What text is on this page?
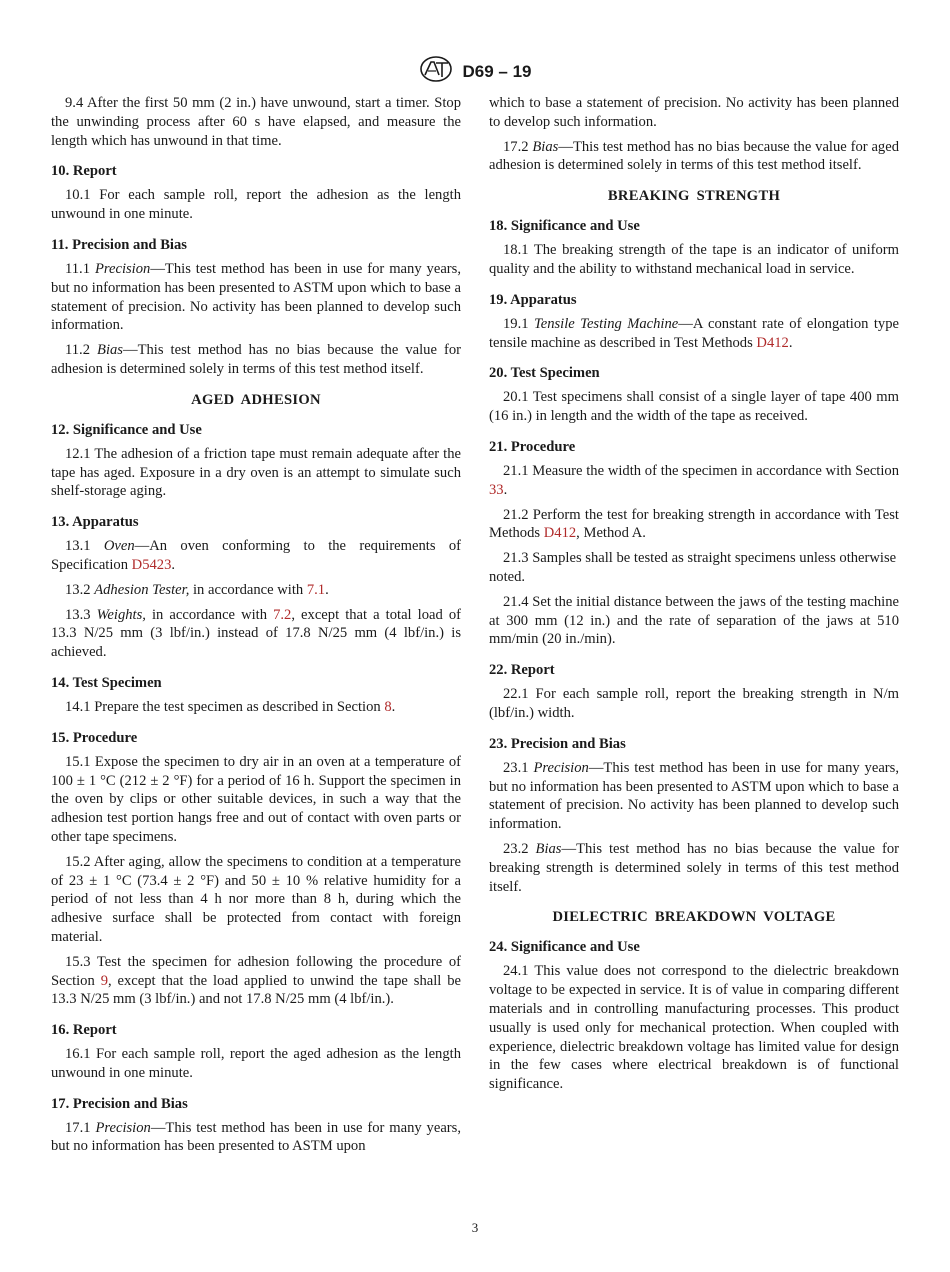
D69 – 19

9.4 After the first 50 mm (2 in.) have unwound, start a timer. Stop the unwinding process after 60 s have elapsed, and measure the length which has unwound in that time.

10. Report

10.1 For each sample roll, report the adhesion as the length unwound in one minute.

11. Precision and Bias

11.1 Precision—This test method has been in use for many years, but no information has been presented to ASTM upon which to base a statement of precision. No activity has been planned to develop such information.

11.2 Bias—This test method has no bias because the value for adhesion is determined solely in terms of this test method itself.

AGED ADHESION
12. Significance and Use

12.1 The adhesion of a friction tape must remain adequate after the tape has aged. Exposure in a dry oven is an attempt to simulate such shelf-storage aging.

13. Apparatus

13.1 Oven—An oven conforming to the requirements of Specification D5423.

13.2 Adhesion Tester, in accordance with 7.1.

13.3 Weights, in accordance with 7.2, except that a total load of 13.3 N/25 mm (3 lbf/in.) instead of 17.8 N/25 mm (4 lbf/in.) is achieved.

14. Test Specimen

14.1 Prepare the test specimen as described in Section 8.

15. Procedure

15.1 Expose the specimen to dry air in an oven at a temperature of 100 ± 1 °C (212 ± 2 °F) for a period of 16 h. Support the specimen in the oven by clips or other suitable devices, in such a way that the adhesion test portion hangs free and out of contact with oven parts or other tape specimens.

15.2 After aging, allow the specimens to condition at a temperature of 23 ± 1 °C (73.4 ± 2 °F) and 50 ± 10 % relative humidity for a period of not less than 4 h nor more than 8 h, during which the adhesive surface shall be protected from contact with foreign material.

15.3 Test the specimen for adhesion following the procedure of Section 9, except that the load applied to unwind the tape shall be 13.3 N/25 mm (3 lbf/in.) and not 17.8 N/25 mm (4 lbf/in.).

16. Report

16.1 For each sample roll, report the aged adhesion as the length unwound in one minute.

17. Precision and Bias

17.1 Precision—This test method has been in use for many years, but no information has been presented to ASTM upon

which to base a statement of precision. No activity has been planned to develop such information.

17.2 Bias—This test method has no bias because the value for aged adhesion is determined solely in terms of this test method itself.

BREAKING STRENGTH
18. Significance and Use

18.1 The breaking strength of the tape is an indicator of uniform quality and the ability to withstand mechanical load in service.

19. Apparatus

19.1 Tensile Testing Machine—A constant rate of elongation type tensile machine as described in Test Methods D412.

20. Test Specimen

20.1 Test specimens shall consist of a single layer of tape 400 mm (16 in.) in length and the width of the tape as received.

21. Procedure

21.1 Measure the width of the specimen in accordance with Section 33.

21.2 Perform the test for breaking strength in accordance with Test Methods D412, Method A.

21.3 Samples shall be tested as straight specimens unless otherwise noted.

21.4 Set the initial distance between the jaws of the testing machine at 300 mm (12 in.) and the rate of separation of the jaws at 510 mm/min (20 in./min).

22. Report

22.1 For each sample roll, report the breaking strength in N/m (lbf/in.) width.

23. Precision and Bias

23.1 Precision—This test method has been in use for many years, but no information has been presented to ASTM upon which to base a statement of precision. No activity has been planned to develop such information.

23.2 Bias—This test method has no bias because the value for breaking strength is determined solely in terms of this test method itself.

DIELECTRIC BREAKDOWN VOLTAGE
24. Significance and Use

24.1 This value does not correspond to the dielectric breakdown voltage to be expected in service. It is of value in comparing different materials and in controlling manufacturing processes. This product usually is used only for mechanical protection. When coupled with experience, dielectric breakdown voltage has limited value for design in the few cases where electrical breakdown is of functional significance.

3
